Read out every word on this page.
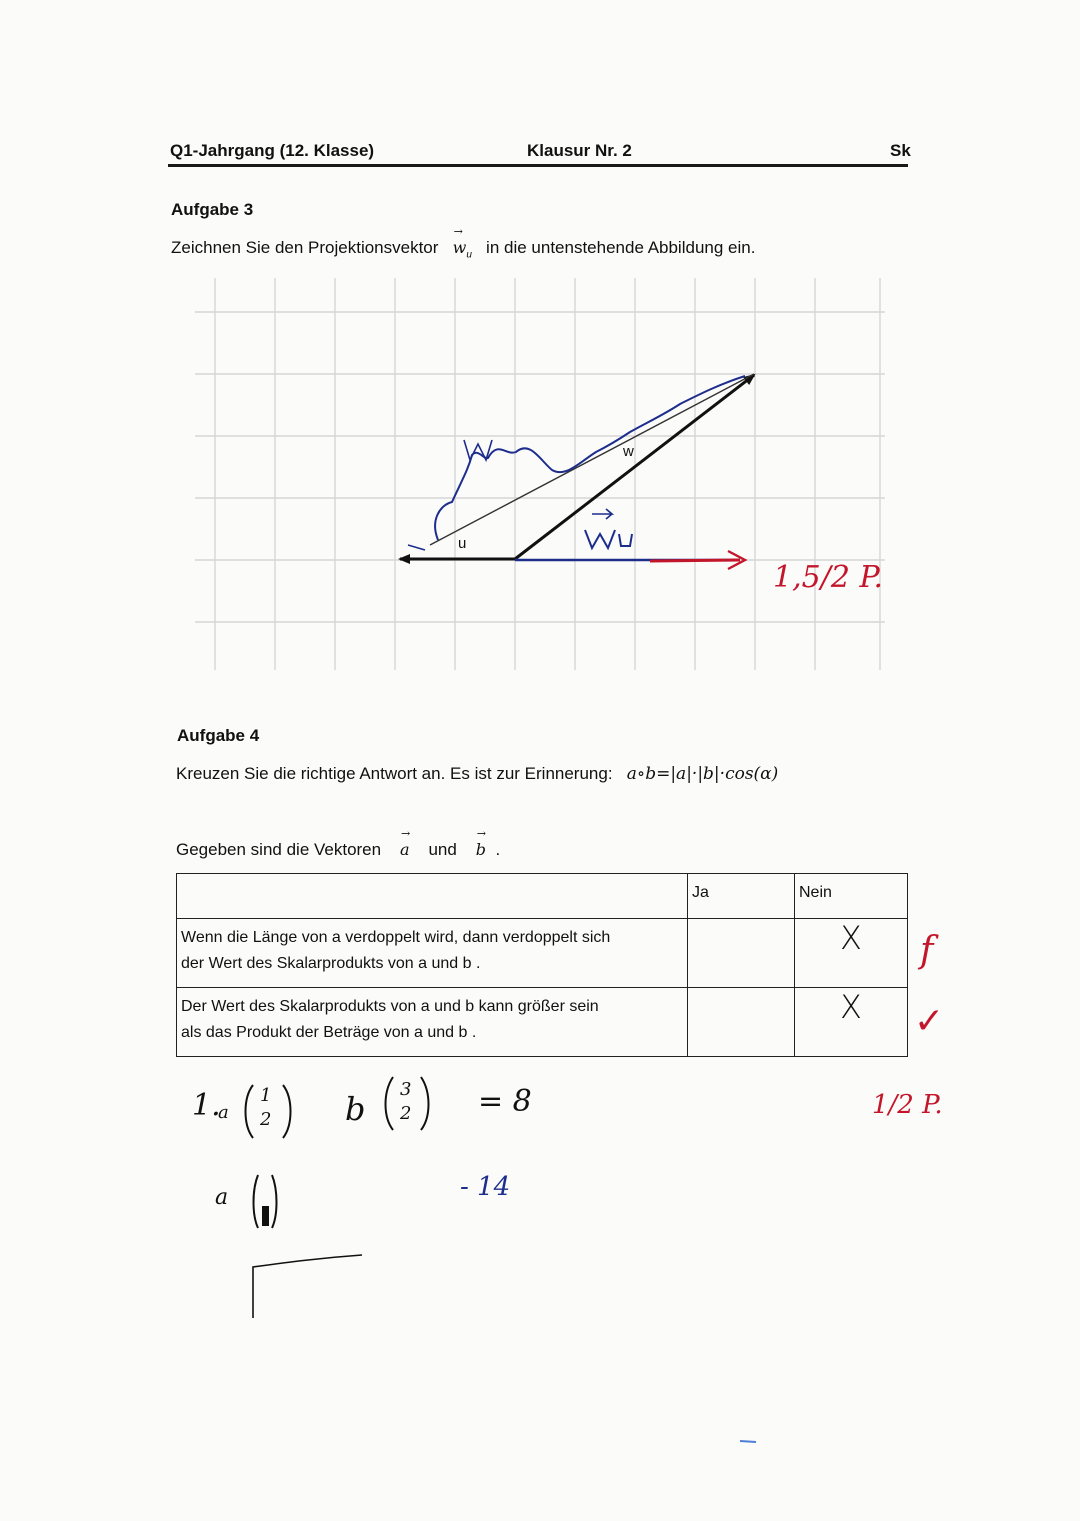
Q1-Jahrgang (12. Klasse)	Klausur Nr. 2	Sk
Aufgabe 3
Zeichnen Sie den Projektionsvektor → $w_u$ in die untenstehende Abbildung ein.
w
u
1,5/2 P.
Aufgabe 4
Kreuzen Sie die richtige Antwort an. Es ist zur Erinnerung: a∘b=|a|·|b|·cos(α)
Gegeben sind die Vektoren → a und → b .
	Ja	Nein

Wenn die Länge von a verdoppelt wird, dann verdoppelt sich
der Wert des Skalarprodukts von a und b .		X

Der Wert des Skalarprodukts von a und b kann größer sein
als das Produkt der Beträge von a und b .		X
f
✓
1/2 P.
1.
a
1
2 b
3
2 = 8
a	- 14
